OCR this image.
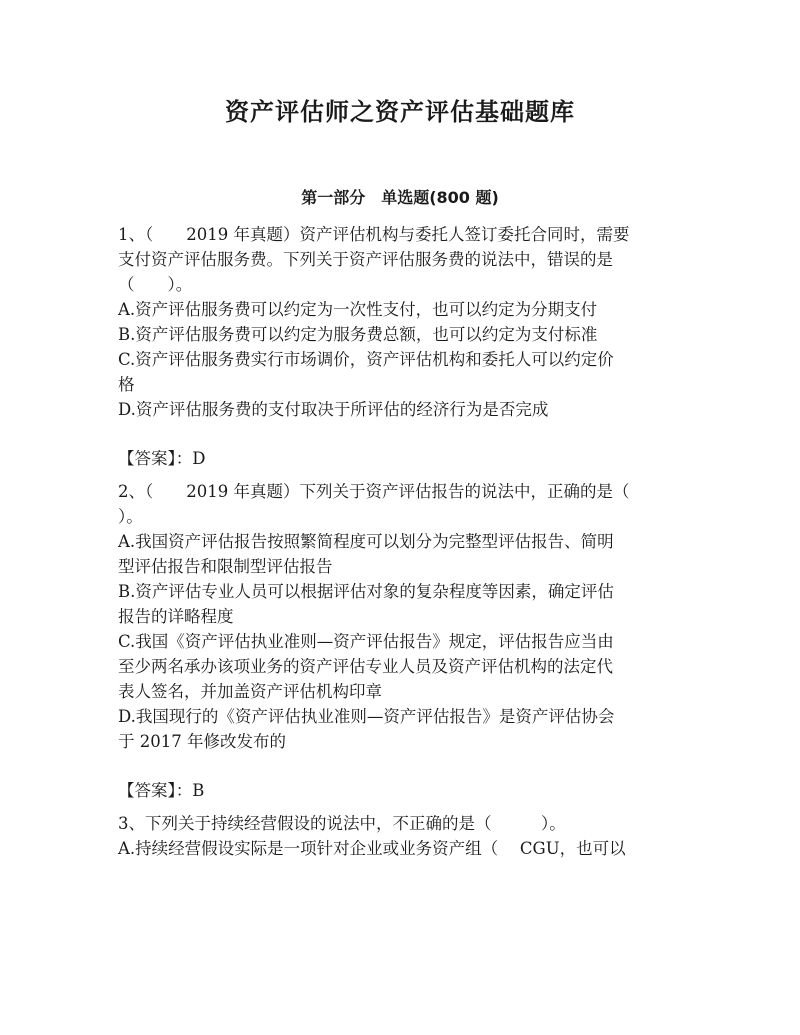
资产评估师之资产评估基础题库
第一部分　单选题(800 题)
1、（　　2019 年真题）资产评估机构与委托人签订委托合同时，需要
支付资产评估服务费。下列关于资产评估服务费的说法中，错误的是
（　　）。
A.资产评估服务费可以约定为一次性支付，也可以约定为分期支付
B.资产评估服务费可以约定为服务费总额，也可以约定为支付标准
C.资产评估服务费实行市场调价，资产评估机构和委托人可以约定价
格
D.资产评估服务费的支付取决于所评估的经济行为是否完成
【答案】：D
2、（　　2019 年真题）下列关于资产评估报告的说法中，正确的是（
）。
A.我国资产评估报告按照繁简程度可以划分为完整型评估报告、简明
型评估报告和限制型评估报告
B.资产评估专业人员可以根据评估对象的复杂程度等因素，确定评估
报告的详略程度
C.我国《资产评估执业准则—资产评估报告》规定，评估报告应当由
至少两名承办该项业务的资产评估专业人员及资产评估机构的法定代
表人签名，并加盖资产评估机构印章
D.我国现行的《资产评估执业准则—资产评估报告》是资产评估协会
于 2017 年修改发布的
【答案】：B
3、下列关于持续经营假设的说法中，不正确的是（　　　）。
A.持续经营假设实际是一项针对企业或业务资产组（　 CGU，也可以
